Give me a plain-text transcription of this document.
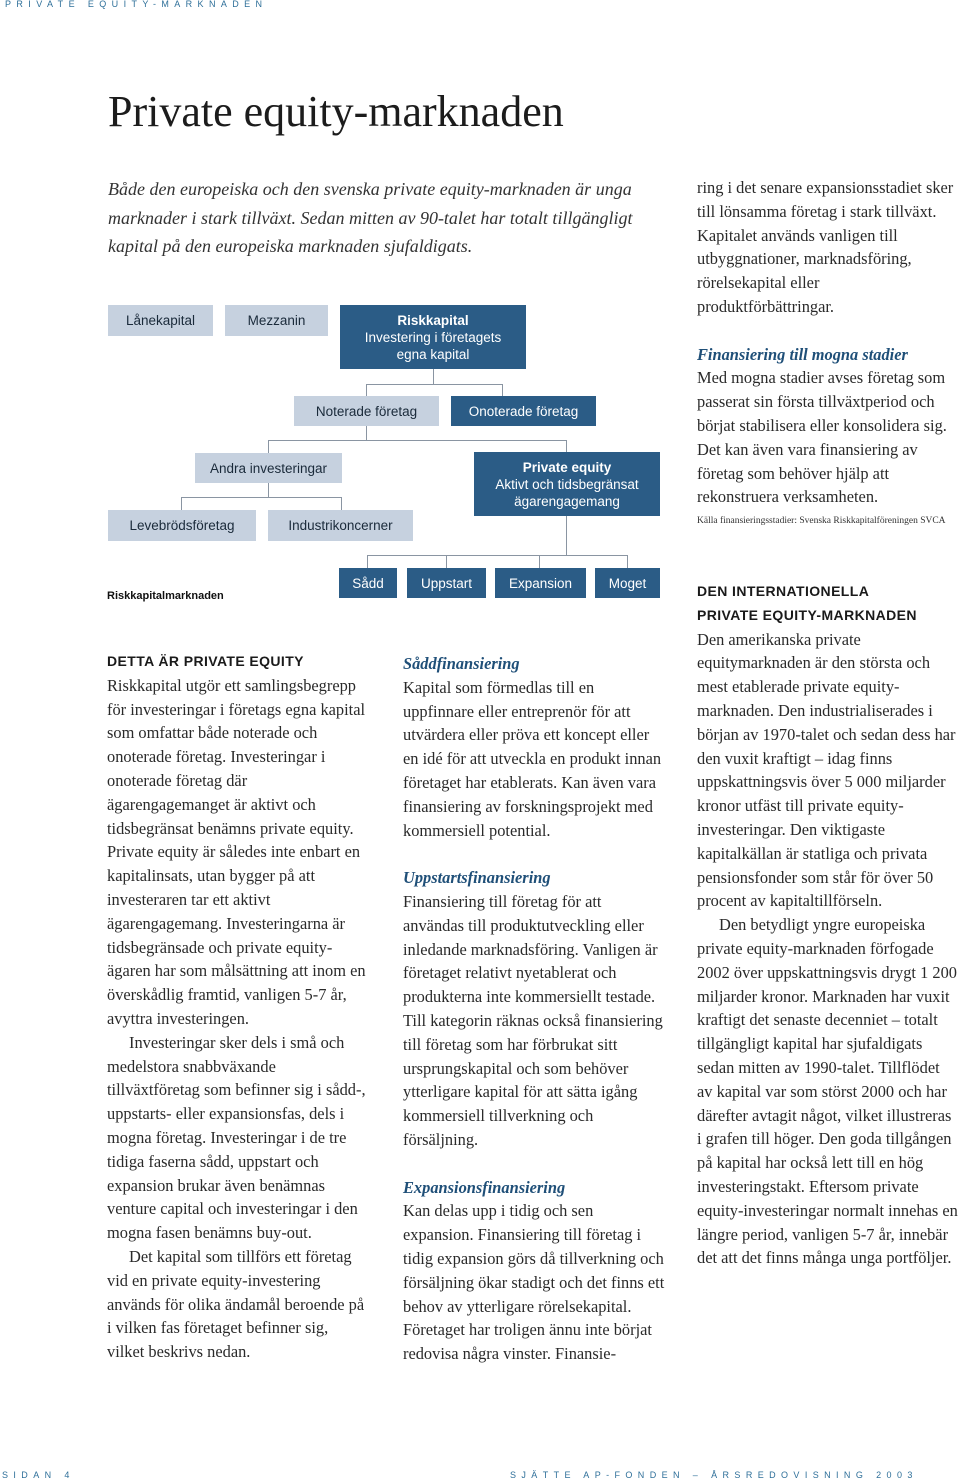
PRIVATE EQUITY-MARKNADEN
Private equity-marknaden
Både den europeiska och den svenska private equity-marknaden är unga marknader i stark tillväxt. Sedan mitten av 90-talet har totalt tillgängligt kapital på den europeiska marknaden sjufaldigats.
Lånekapital	Mezzanin	Riskkapital
Investering i företagets egna kapital
Noterade företag	Onoterade företag
Andra investeringar	Private equity
Aktivt och tidsbegränsat ägarengagemang
Levebrödsföretag	Industrikoncerner
Sådd	Uppstart	Expansion	Moget
Riskkapitalmarknaden

ring i det senare expansionsstadiet sker till lönsamma företag i stark tillväxt. Kapitalet används vanligen till utbyggnationer, marknadsföring, rörelsekapital eller produktförbättringar.

Finansiering till mogna stadier

Med mogna stadier avses företag som passerat sin första tillväxtperiod och börjat stabilisera eller konsolidera sig. Det kan även vara finansiering av företag som behöver hjälp att rekonstruera verksamheten.

Källa finansieringsstadier: Svenska Riskkapitalföreningen SVCA
DETTA ÄR PRIVATE EQUITY

Riskkapital utgör ett samlingsbegrepp för investeringar i företags egna kapital som omfattar både noterade och onoterade företag. Investeringar i onoterade företag där ägarengagemanget är aktivt och tidsbegränsat benämns private equity. Private equity är således inte enbart en kapitalinsats, utan bygger på att investeraren tar ett aktivt ägarengagemang. Investeringarna är tidsbegränsade och private equity-ägaren har som målsättning att inom en överskådlig framtid, vanligen 5-7 år, avyttra investeringen.

Investeringar sker dels i små och medelstora snabbväxande tillväxtföretag som befinner sig i sådd-, uppstarts- eller expansionsfas, dels i mogna företag. Investeringar i de tre tidiga faserna sådd, uppstart och expansion brukar även benämnas venture capital och investeringar i den mogna fasen benämns buy-out.

Det kapital som tillförs ett företag vid en private equity-investering används för olika ändamål beroende på i vilken fas företaget befinner sig, vilket beskrivs nedan.

Såddfinansiering

Kapital som förmedlas till en uppfinnare eller entreprenör för att utvärdera eller pröva ett koncept eller en idé för att utveckla en produkt innan företaget har etablerats. Kan även vara finansiering av forskningsprojekt med kommersiell potential.

Uppstartsfinansiering

Finansiering till företag för att användas till produktutveckling eller inledande marknadsföring. Vanligen är företaget relativt nyetablerat och produkterna inte kommersiellt testade. Till kategorin räknas också finansiering till företag som har förbrukat sitt ursprungskapital och som behöver ytterligare kapital för att sätta igång kommersiell tillverkning och försäljning.

Expansionsfinansiering

Kan delas upp i tidig och sen expansion. Finansiering till företag i tidig expansion görs då tillverkning och försäljning ökar stadigt och det finns ett behov av ytterligare rörelsekapital. Företaget har troligen ännu inte börjat redovisa några vinster. Finansie-

DEN INTERNATIONELLA
PRIVATE EQUITY-MARKNADEN

Den amerikanska private equitymarknaden är den största och mest etablerade private equity-marknaden. Den industrialiserades i början av 1970-talet och sedan dess har den vuxit kraftigt – idag finns uppskattningsvis över 5 000 miljarder kronor utfäst till private equity-investeringar. Den viktigaste kapitalkällan är statliga och privata pensionsfonder som står för över 50 procent av kapitaltillförseln.

Den betydligt yngre europeiska private equity-marknaden förfogade 2002 över uppskattningsvis drygt 1 200 miljarder kronor. Marknaden har vuxit kraftigt det senaste decenniet – totalt tillgängligt kapital har sjufaldigats sedan mitten av 1990-talet. Tillflödet av kapital var som störst 2000 och har därefter avtagit något, vilket illustreras i grafen till höger. Den goda tillgången på kapital har också lett till en hög investeringstakt. Eftersom private equity-investeringar normalt innehas en längre period, vanligen 5-7 år, innebär det att det finns många unga portföljer.

SIDAN 4	SJÄTTE AP-FONDEN – ÅRSREDOVISNING 2003
